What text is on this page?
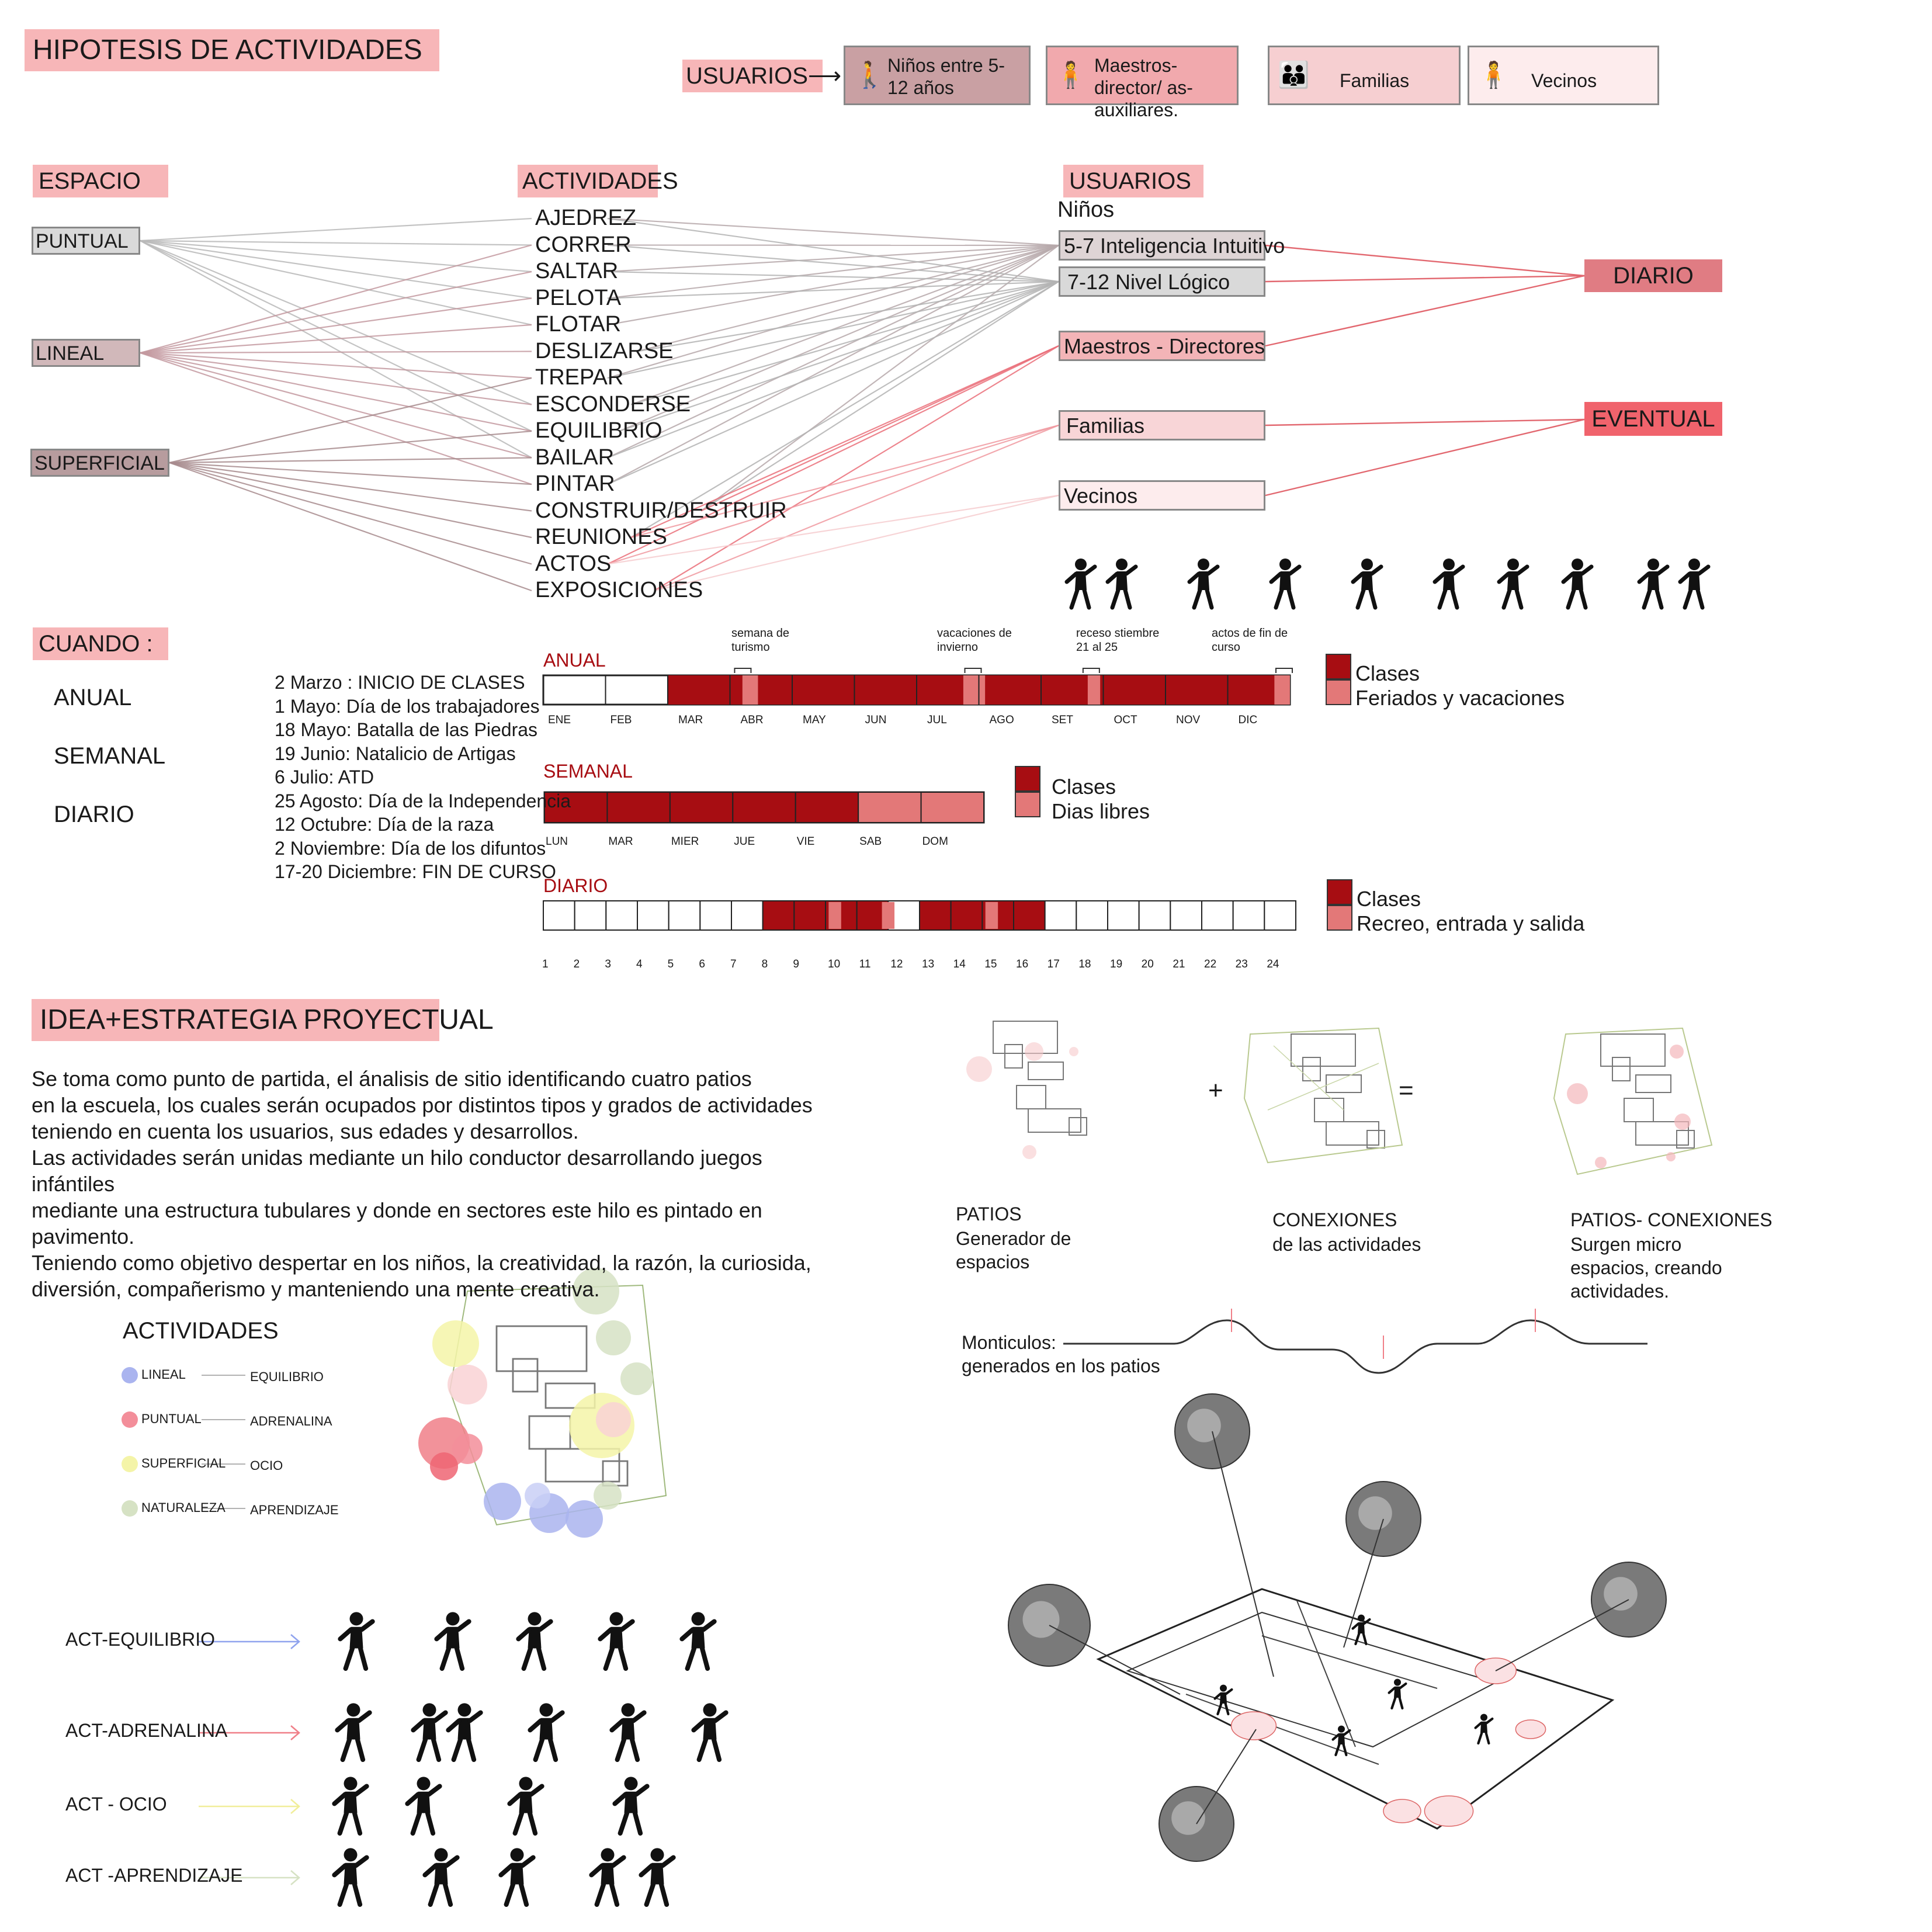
HIPOTESIS DE ACTIVIDADES
USUARIOS⟶ 🚶 Niños entre 5-12 años	🧍 Maestros-director/ as-auxiliares.
👪 Familias	🧍 Vecinos
ESPACIO	ACTIVIDADES	USUARIOS
PUNTUAL
LINEAL
SUPERFICIAL
AJEDREZ
CORRER
SALTAR
PELOTA
FLOTAR
DESLIZARSE
TREPAR
ESCONDERSE
EQUILIBRIO
BAILAR
PINTAR
CONSTRUIR/DESTRUIR
REUNIONES
ACTOS
EXPOSICIONES
Niños
5-7 Inteligencia Intuitivo
7-12 Nivel Lógico
Maestros - Directores
Familias
Vecinos
DIARIO
EVENTUAL
CUANDO :
ANUAL
SEMANAL
DIARIO
2 Marzo : INICIO DE CLASES
1 Mayo: Día de los trabajadores
18 Mayo: Batalla de las Piedras
19 Junio: Natalicio de Artigas
6 Julio: ATD
25 Agosto: Día de la Independencia
12 Octubre: Día de la raza
2 Noviembre: Día de los difuntos
17-20 Diciembre: FIN DE CURSO
ANUAL
SEMANAL
DIARIO
semana de turismo
vacaciones de invierno
receso stiembre 21 al 25
actos de fin de curso
ENE	FEB	MAR	ABR	MAY	JUN	JUL	AGO	SET	OCT	NOV	DIC
LUN	MAR	MIER	JUE	VIE	SAB	DOM
1 2 3 4 5 6 7 8 9	10 11 12 13 14 15 16 17 18 19 20 21 22 23 24
Clases
Feriados y vacaciones
Clases
Dias libres
Clases
Recreo, entrada y salida
IDEA+ESTRATEGIA PROYECTUAL
Se toma como punto de partida, el ánalisis de sitio identificando cuatro patios
en la escuela, los cuales serán ocupados por distintos tipos y grados de actividades
teniendo en cuenta los usuarios, sus edades y desarrollos.
Las actividades serán unidas mediante un hilo conductor desarrollando juegos infántiles
mediante una estructura tubulares y donde en sectores este hilo es pintado en pavimento.
Teniendo como objetivo despertar en los niños, la creatividad, la razón, la curiosida,
diversión, compañerismo y manteniendo una mente creativa.
ACTIVIDADES
LINEAL	EQUILIBRIO
PUNTUAL	ADRENALINA
SUPERFICIAL OCIO
NATURALEZA APRENDIZAJE
ACT-EQUILIBRIO
ACT-ADRENALINA
ACT - OCIO
ACT -APRENDIZAJE
PATIOS
Generador de espacios
CONEXIONES
de las actividades
PATIOS- CONEXIONES
Surgen micro espacios, creando actividades.
+	=
Monticulos:
generados en los patios
